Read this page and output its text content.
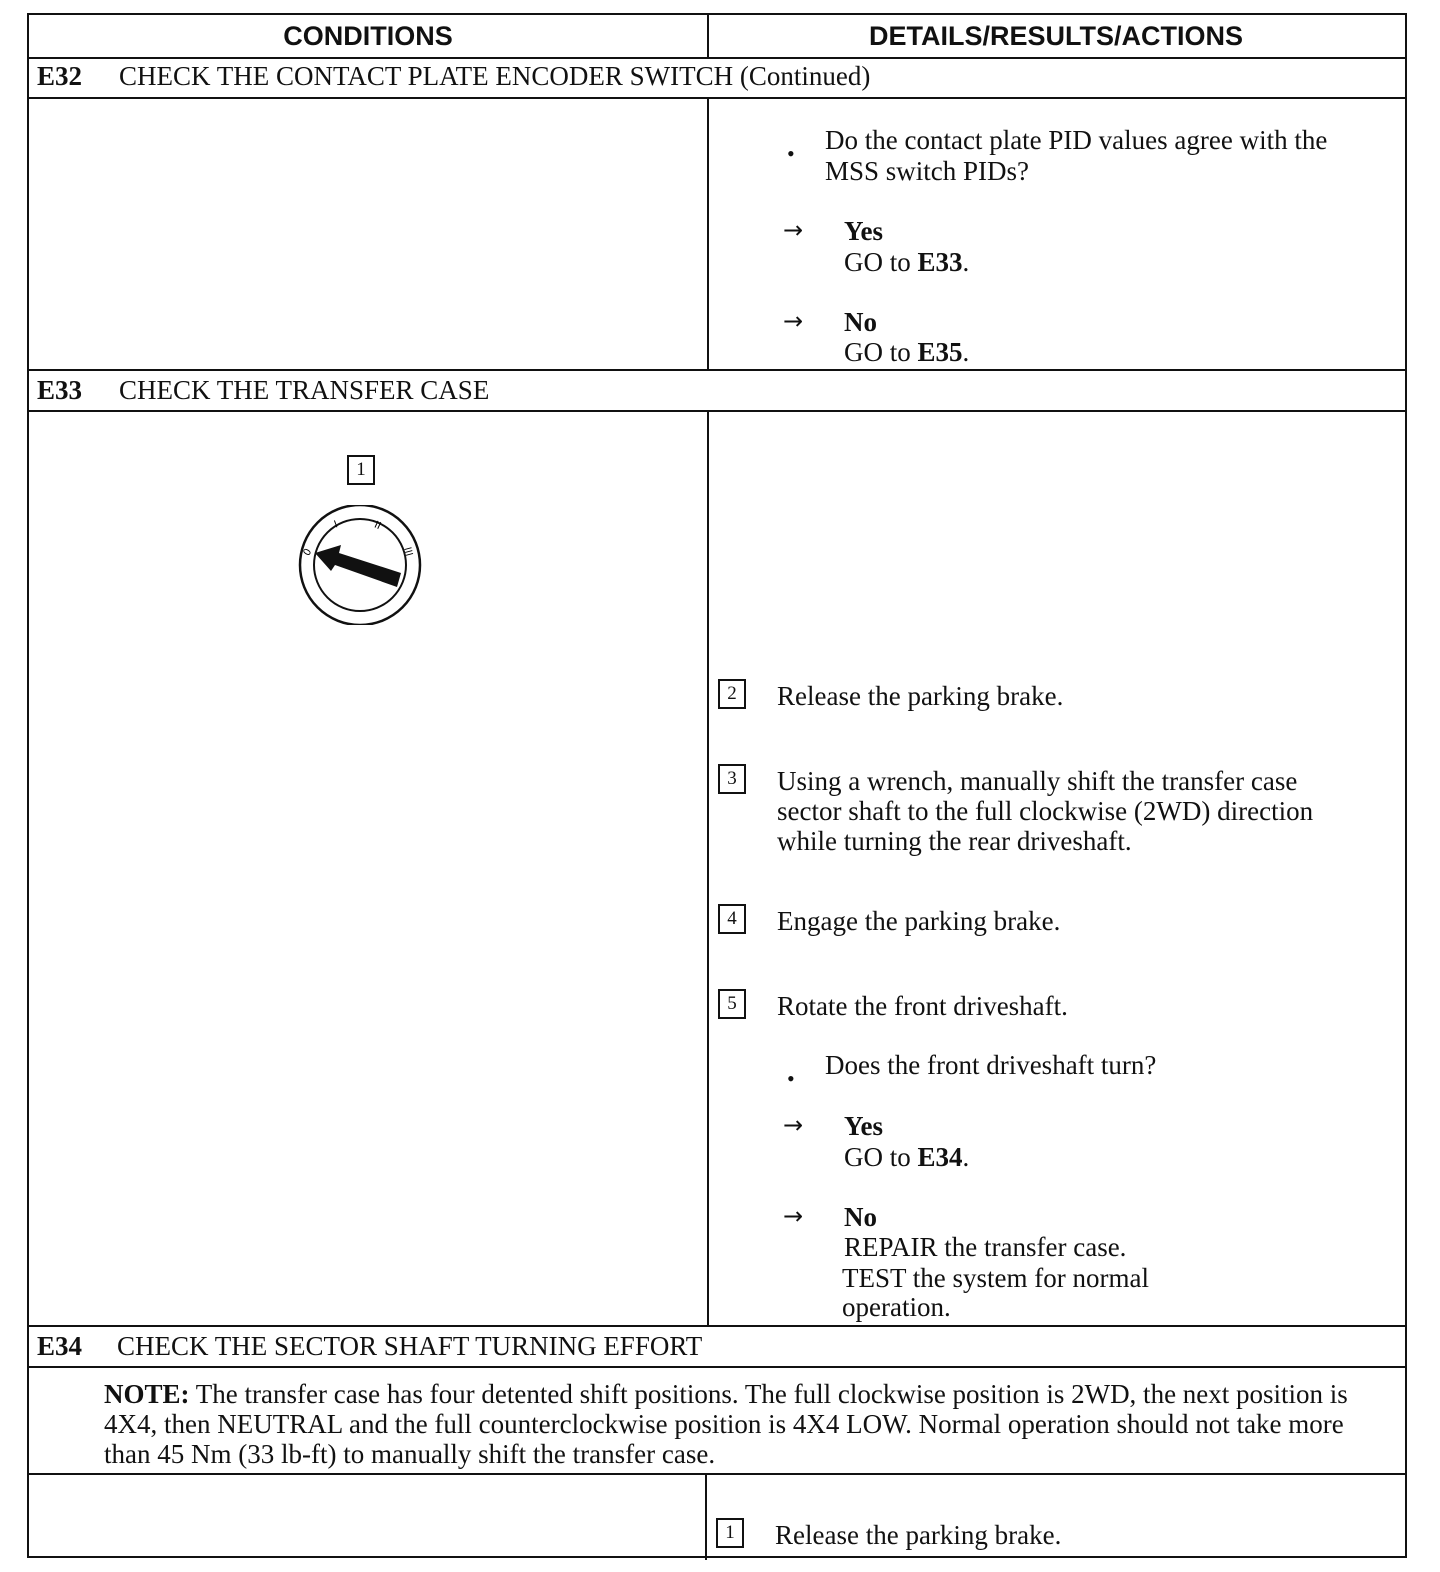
CONDITIONS	DETAILS/RESULTS/ACTIONS
E32 CHECK THE CONTACT PLATE ENCODER SWITCH (Continued)
• Do the contact plate PID values agree with the
MSS switch PIDs?
→ Yes
GO to E33.
→ No
GO to E35.
E33 CHECK THE TRANSFER CASE
1
0
I	II
III
2	Release the parking brake.
3	Using a wrench, manually shift the transfer case
sector shaft to the full clockwise (2WD) direction
while turning the rear driveshaft.
4	Engage the parking brake.
5	Rotate the front driveshaft.
• Does the front driveshaft turn?
→ Yes
GO to E34.
→ No
REPAIR the transfer case.
TEST the system for normal
operation.
E34 CHECK THE SECTOR SHAFT TURNING EFFORT
NOTE: The transfer case has four detented shift positions. The full clockwise position is 2WD, the next position is 4X4, then NEUTRAL and the full counterclockwise position is 4X4 LOW. Normal operation should not take more than 45 Nm (33 lb-ft) to manually shift the transfer case.
1	Release the parking brake.
